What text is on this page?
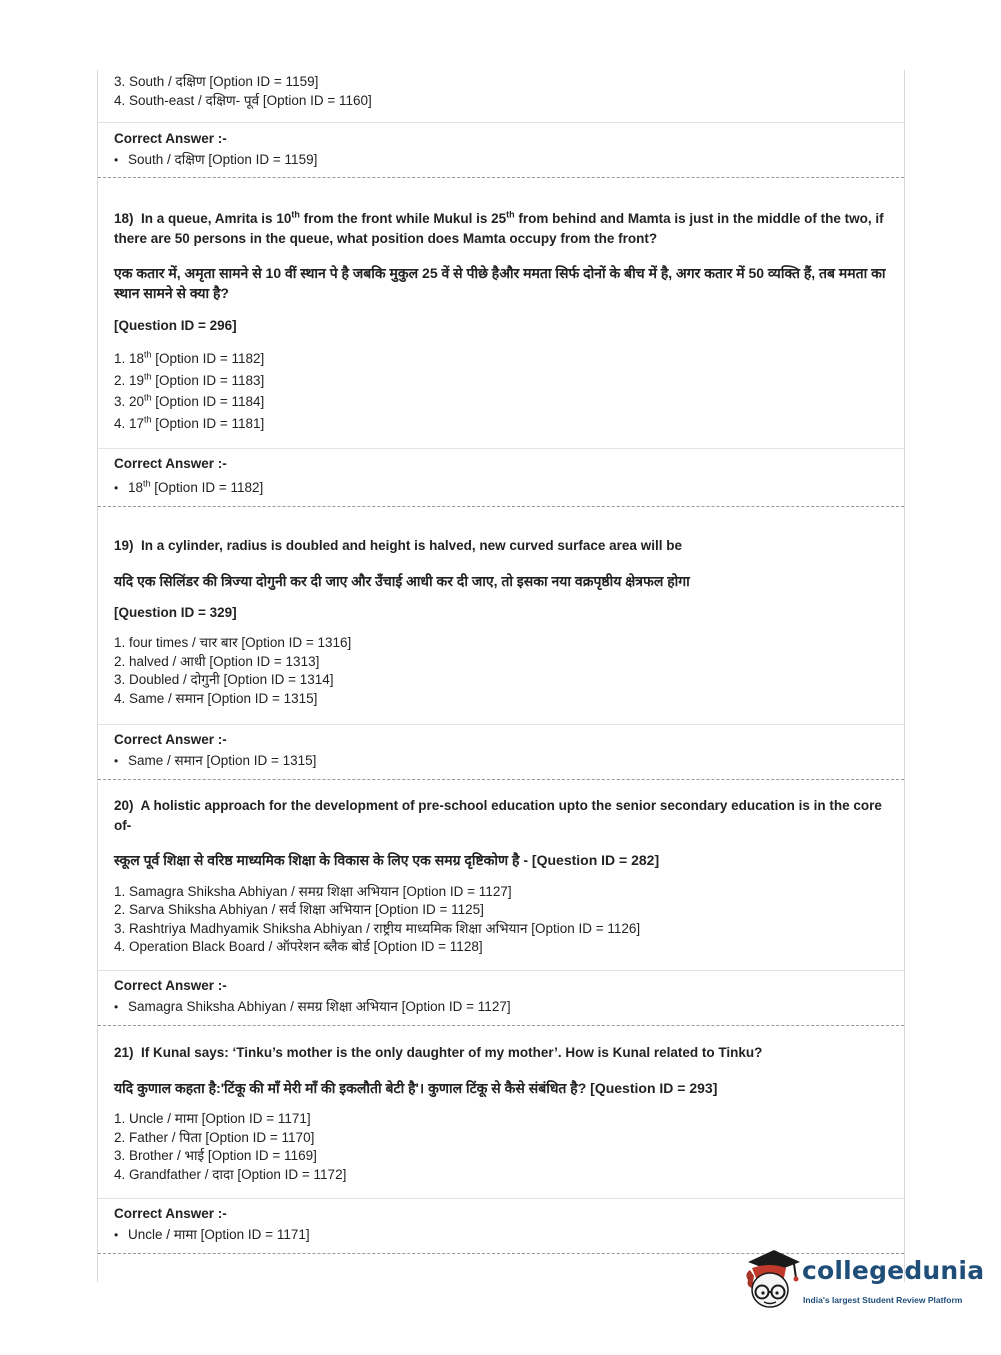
3. South / दक्षिण [Option ID = 1159]
4. South-east / दक्षिण- पूर्व [Option ID = 1160]
Correct Answer :-
• South / दक्षिण [Option ID = 1159]
18) In a queue, Amrita is 10th from the front while Mukul is 25th from behind and Mamta is just in the middle of the two, if there are 50 persons in the queue, what position does Mamta occupy from the front?
एक कतार में, अमृता सामने से 10 वीं स्थान पे है जबकि मुकुल 25 वें से पीछे हैऔर ममता सिर्फ दोनों के बीच में है, अगर कतार में 50 व्यक्ति हैं, तब ममता का स्थान सामने से क्या है?
[Question ID = 296]
1. 18th [Option ID = 1182]
2. 19th [Option ID = 1183]
3. 20th [Option ID = 1184]
4. 17th [Option ID = 1181]
Correct Answer :-
• 18th [Option ID = 1182]
19) In a cylinder, radius is doubled and height is halved, new curved surface area will be
यदि एक सिलिंडर की त्रिज्या दोगुनी कर दी जाए और उँचाई आधी कर दी जाए, तो इसका नया वक्रपृष्ठीय क्षेत्रफल होगा
[Question ID = 329]
1. four times / चार बार [Option ID = 1316]
2. halved / आधी [Option ID = 1313]
3. Doubled / दोगुनी [Option ID = 1314]
4. Same / समान [Option ID = 1315]
Correct Answer :-
• Same / समान [Option ID = 1315]
20) A holistic approach for the development of pre-school education upto the senior secondary education is in the core of-
स्कूल पूर्व शिक्षा से वरिष्ठ माध्यमिक शिक्षा के विकास के लिए एक समग्र दृष्टिकोण है - [Question ID = 282]
1. Samagra Shiksha Abhiyan / समग्र शिक्षा अभियान [Option ID = 1127]
2. Sarva Shiksha Abhiyan / सर्व शिक्षा अभियान [Option ID = 1125]
3. Rashtriya Madhyamik Shiksha Abhiyan / राष्ट्रीय माध्यमिक शिक्षा अभियान [Option ID = 1126]
4. Operation Black Board / ऑपरेशन ब्लैक बोर्ड [Option ID = 1128]
Correct Answer :-
• Samagra Shiksha Abhiyan / समग्र शिक्षा अभियान [Option ID = 1127]
21) If Kunal says: ‘Tinku’s mother is the only daughter of my mother’. How is Kunal related to Tinku?
यदि कुणाल कहता है:'टिंकू की माँ मेरी माँ की इकलौती बेटी है'। कुणाल टिंकू से कैसे संबंधित है? [Question ID = 293]
1. Uncle / मामा [Option ID = 1171]
2. Father / पिता [Option ID = 1170]
3. Brother / भाई [Option ID = 1169]
4. Grandfather / दादा [Option ID = 1172]
Correct Answer :-
• Uncle / मामा [Option ID = 1171]
collegedunia
India's largest Student Review Platform
